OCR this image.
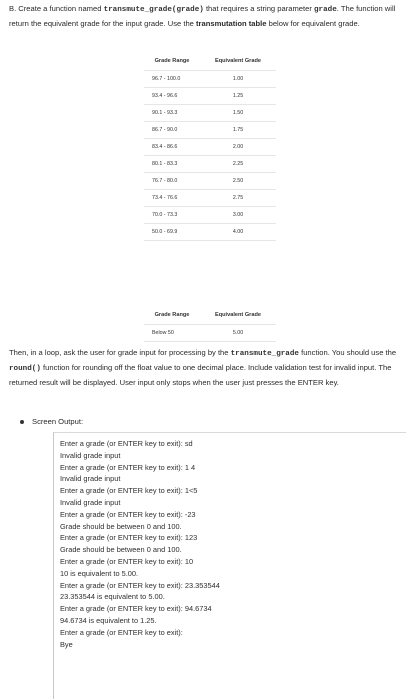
B. Create a function named transmute_grade(grade) that requires a string parameter grade. The function will return the equivalent grade for the input grade. Use the transmutation table below for equivalent grade.

Grade Range	Equivalent Grade
96.7 - 100.0	1.00
93.4 - 96.6	1.25
90.1 - 93.3	1.50
86.7 - 90.0	1.75
83.4 - 86.6	2.00
80.1 - 83.3	2.25
76.7 - 80.0	2.50
73.4 - 76.6	2.75
70.0 - 73.3	3.00
50.0 - 69.9	4.00
Grade Range	Equivalent Grade
Below 50	5.00

Then, in a loop, ask the user for grade input for processing by the transmute_grade function. You should use the round() function for rounding off the float value to one decimal place. Include validation test for invalid input. The returned result will be displayed. User input only stops when the user just presses the ENTER key.

Screen Output:
Enter a grade (or ENTER key to exit): sd
Invalid grade input
Enter a grade (or ENTER key to exit): 1 4
Invalid grade input
Enter a grade (or ENTER key to exit): 1<5
Invalid grade input
Enter a grade (or ENTER key to exit): -23
Grade should be between 0 and 100.
Enter a grade (or ENTER key to exit): 123
Grade should be between 0 and 100.
Enter a grade (or ENTER key to exit): 10
10 is equivalent to 5.00.
Enter a grade (or ENTER key to exit): 23.353544
23.353544 is equivalent to 5.00.
Enter a grade (or ENTER key to exit): 94.6734
94.6734 is equivalent to 1.25.
Enter a grade (or ENTER key to exit):
Bye
